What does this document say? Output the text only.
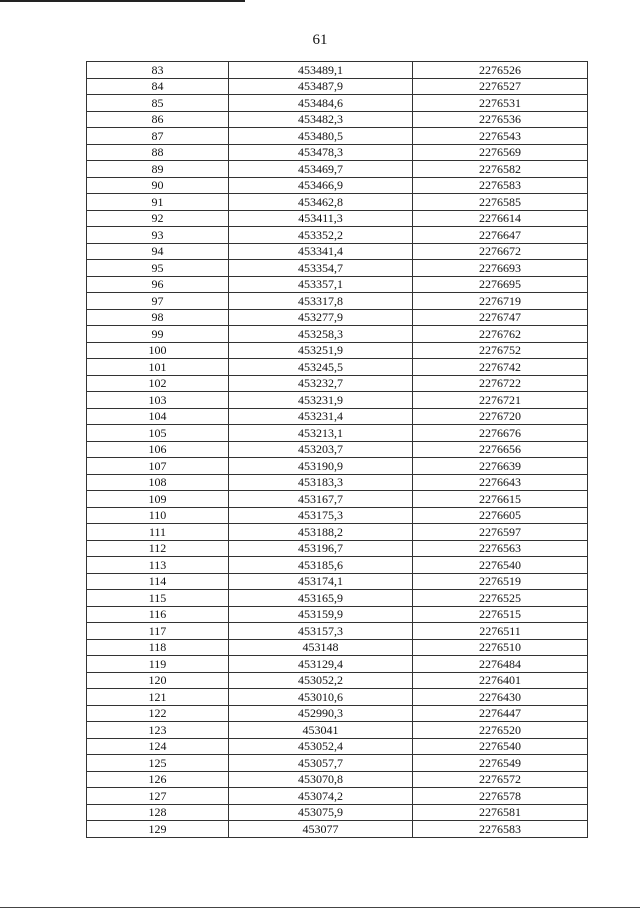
61
83	453489,1	2276526
84	453487,9	2276527
85	453484,6	2276531
86	453482,3	2276536
87	453480,5	2276543
88	453478,3	2276569
89	453469,7	2276582
90	453466,9	2276583
91	453462,8	2276585
92	453411,3	2276614
93	453352,2	2276647
94	453341,4	2276672
95	453354,7	2276693
96	453357,1	2276695
97	453317,8	2276719
98	453277,9	2276747
99	453258,3	2276762
100	453251,9	2276752
101	453245,5	2276742
102	453232,7	2276722
103	453231,9	2276721
104	453231,4	2276720
105	453213,1	2276676
106	453203,7	2276656
107	453190,9	2276639
108	453183,3	2276643
109	453167,7	2276615
110	453175,3	2276605
111	453188,2	2276597
112	453196,7	2276563
113	453185,6	2276540
114	453174,1	2276519
115	453165,9	2276525
116	453159,9	2276515
117	453157,3	2276511
118	453148	2276510
119	453129,4	2276484
120	453052,2	2276401
121	453010,6	2276430
122	452990,3	2276447
123	453041	2276520
124	453052,4	2276540
125	453057,7	2276549
126	453070,8	2276572
127	453074,2	2276578
128	453075,9	2276581
129	453077	2276583
